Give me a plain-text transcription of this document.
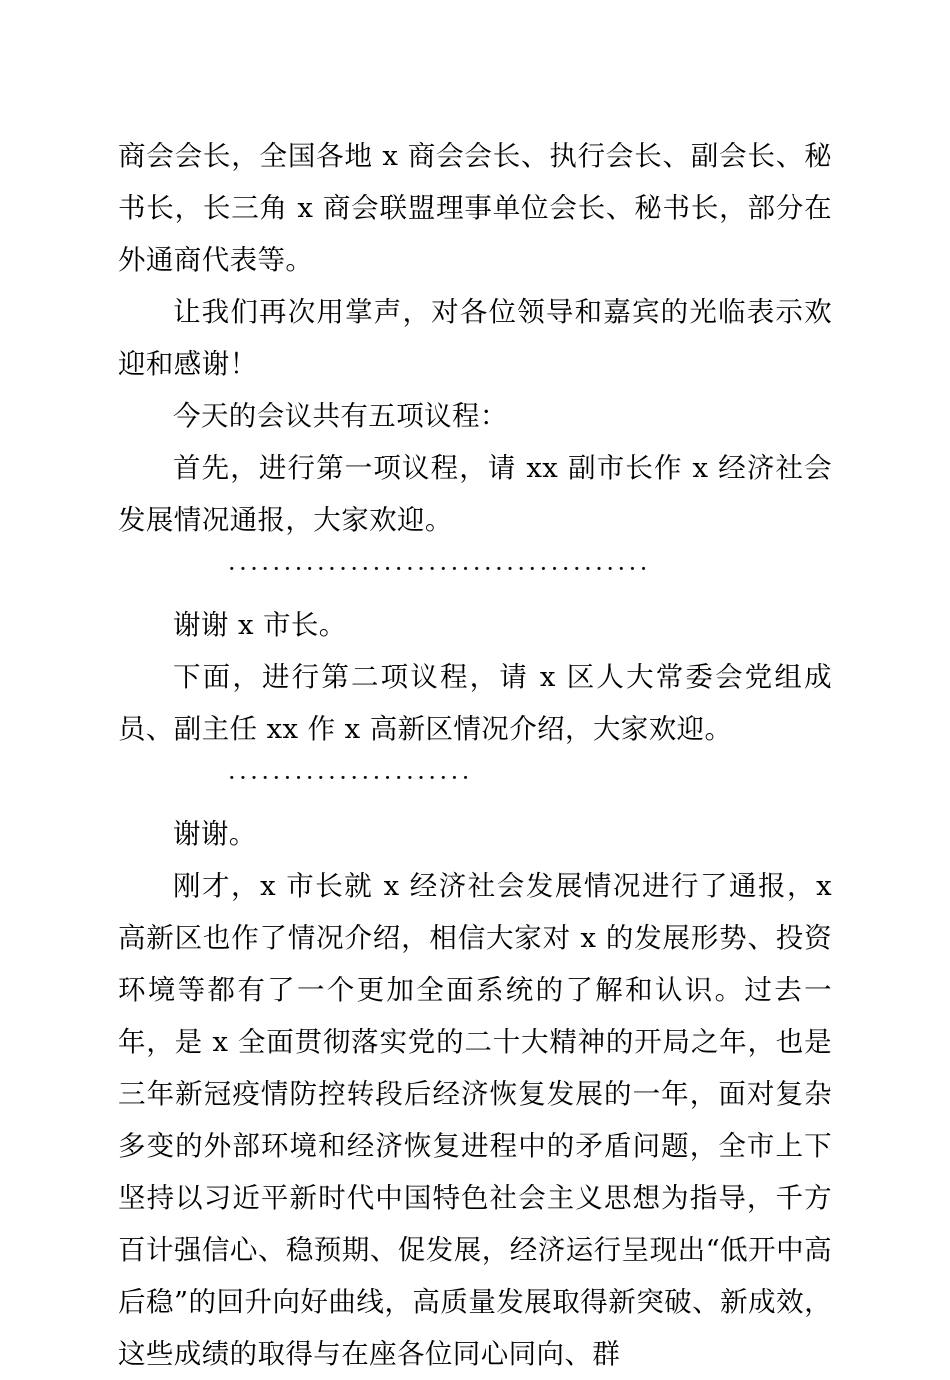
商会会长，全国各地 x 商会会长、执行会长、副会长、秘书长，长三角 x 商会联盟理事单位会长、秘书长，部分在外通商代表等。

让我们再次用掌声，对各位领导和嘉宾的光临表示欢迎和感谢！

今天的会议共有五项议程：

首先，进行第一项议程，请 xx 副市长作 x 经济社会发展情况通报，大家欢迎。

······································

谢谢 x 市长。

下面，进行第二项议程，请 x 区人大常委会党组成员、副主任 xx 作 x 高新区情况介绍，大家欢迎。

······················

谢谢。

刚才，x 市长就 x 经济社会发展情况进行了通报，x 高新区也作了情况介绍，相信大家对 x 的发展形势、投资环境等都有了一个更加全面系统的了解和认识。过去一年，是 x 全面贯彻落实党的二十大精神的开局之年，也是三年新冠疫情防控转段后经济恢复发展的一年，面对复杂多变的外部环境和经济恢复进程中的矛盾问题，全市上下坚持以习近平新时代中国特色社会主义思想为指导，千方百计强信心、稳预期、促发展，经济运行呈现出“低开中高后稳”的回升向好曲线，高质量发展取得新突破、新成效，这些成绩的取得与在座各位同心同向、群
